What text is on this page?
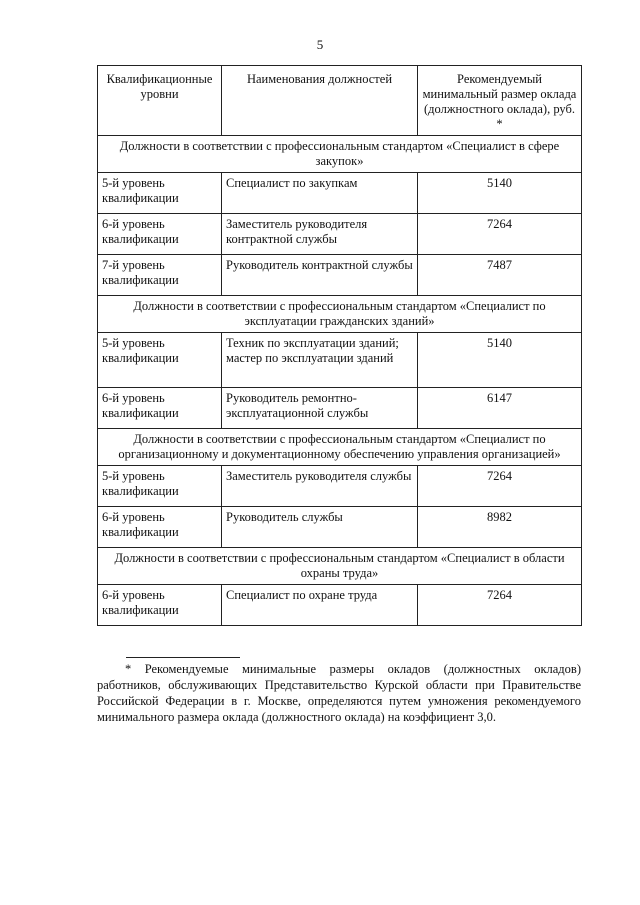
5
Квалификационные уровни	Наименования должностей	Рекомендуемый минимальный размер оклада (должностного оклада), руб. *
Должности в соответствии с профессиональным стандартом «Специалист в сфере закупок»		
5-й уровень квалификации	Специалист по закупкам	5140
6-й уровень квалификации	Заместитель руководителя контрактной службы	7264
7-й уровень квалификации	Руководитель контрактной службы	7487
Должности в соответствии с профессиональным стандартом «Специалист по эксплуатации гражданских зданий»		
5-й уровень квалификации	Техник по эксплуатации зданий; мастер по эксплуатации зданий	5140
6-й уровень квалификации	Руководитель ремонтно-эксплуатационной службы	6147
Должности в соответствии с профессиональным стандартом «Специалист по организационному и документационному обеспечению управления организацией»		
5-й уровень квалификации	Заместитель руководителя службы	7264
6-й уровень квалификации	Руководитель службы	8982
Должности в соответствии с профессиональным стандартом «Специалист в области охраны труда»		
6-й уровень квалификации	Специалист по охране труда	7264

* Рекомендуемые минимальные размеры окладов (должностных окладов) работников, обслуживающих Представительство Курской области при Правительстве Российской Федерации в г. Москве, определяются путем умножения рекомендуемого минимального размера оклада (должностного оклада) на коэффициент 3,0.
